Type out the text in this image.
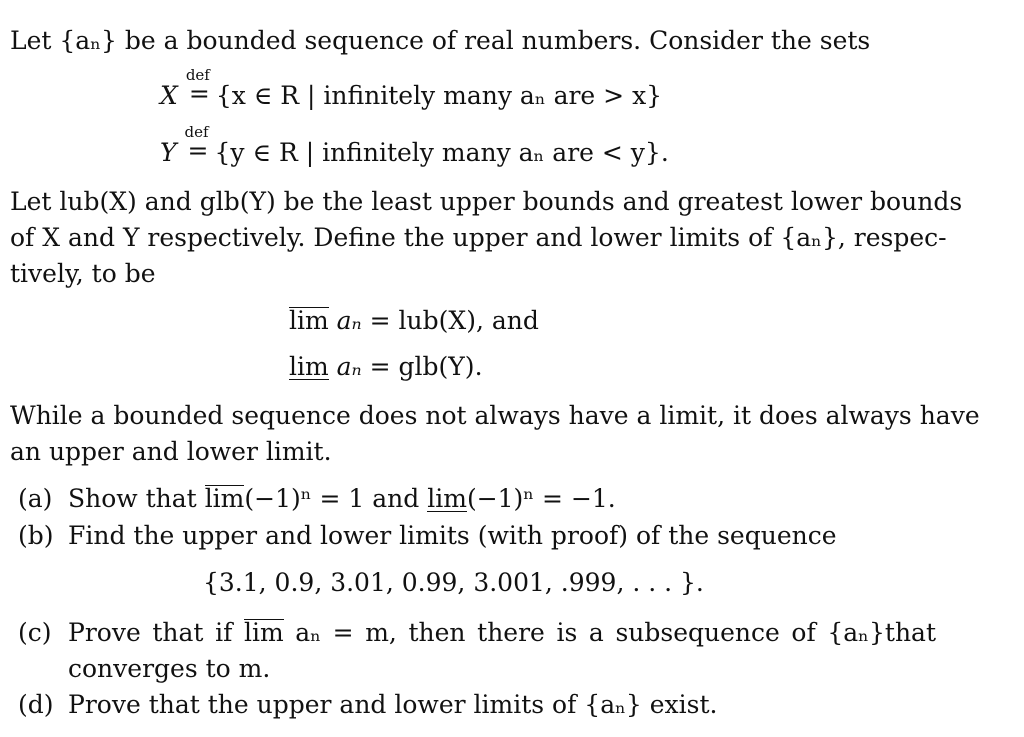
Let {aₙ} be a bounded sequence of real numbers. Consider the sets
X
def
= {x ∈ R | infinitely many aₙ are > x}
Y
def
= {y ∈ R | infinitely many aₙ are < y}.
Let lub(X) and glb(Y) be the least upper bounds and greatest lower bounds
of X and Y respectively. Define the upper and lower limits of {aₙ}, respec-
tively, to be
lim aₙ = lub(X), and
lim aₙ = glb(Y).
While a bounded sequence does not always have a limit, it does always have
an upper and lower limit.
(a) Show that lim(−1)ⁿ = 1 and lim(−1)ⁿ = −1.
(b) Find the upper and lower limits (with proof) of the sequence
{3.1, 0.9, 3.01, 0.99, 3.001, .999, . . . }.
(c) Prove that if lim aₙ = m, then there is a subsequence of {aₙ}that
converges to m.
(d) Prove that the upper and lower limits of {aₙ} exist.
